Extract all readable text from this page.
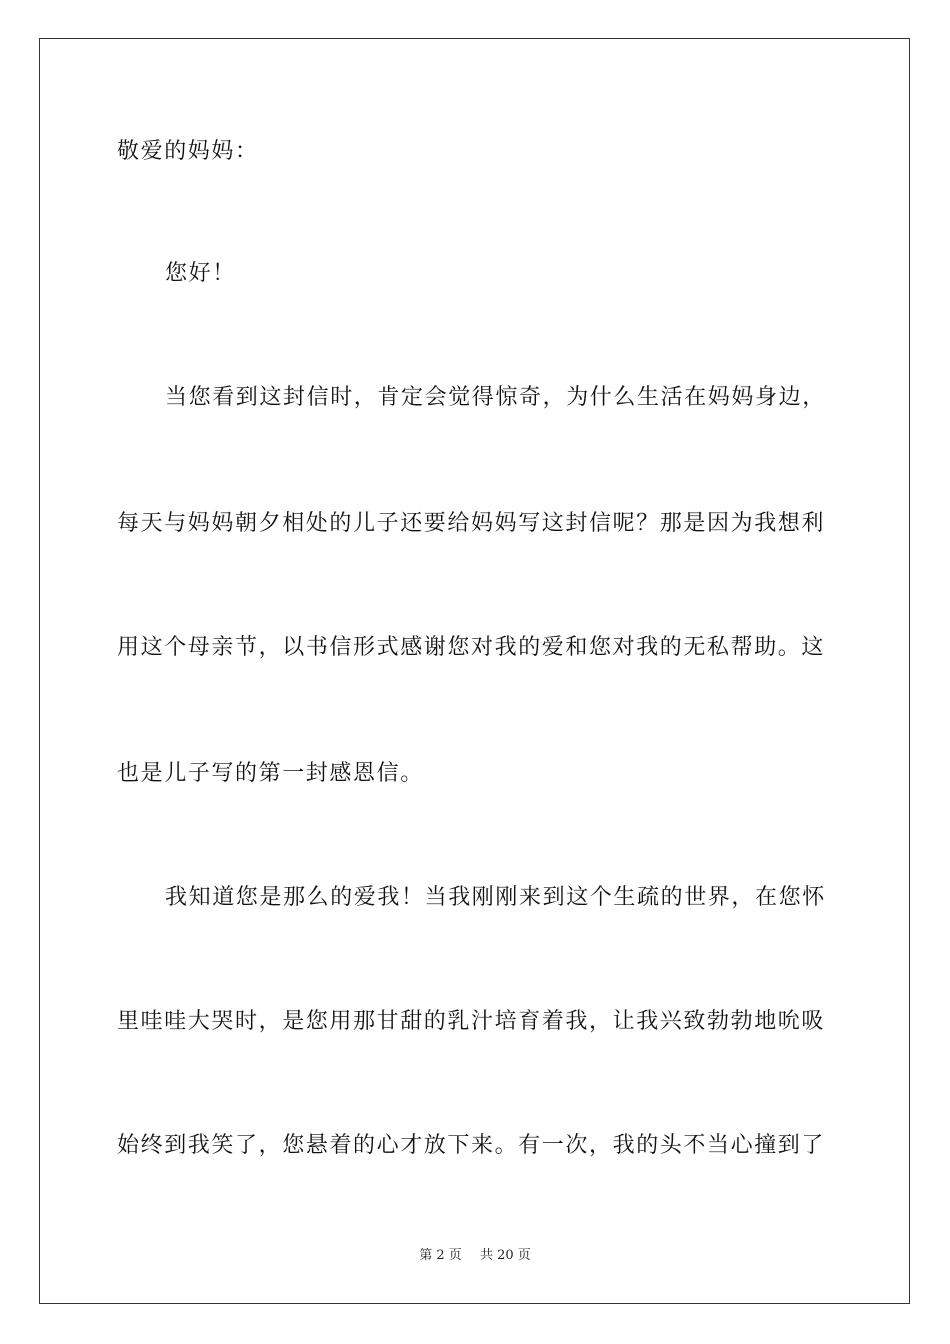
敬爱的妈妈：
您好！
当您看到这封信时，肯定会觉得惊奇，为什么生活在妈妈身边，
每天与妈妈朝夕相处的儿子还要给妈妈写这封信呢？那是因为我想利
用这个母亲节，以书信形式感谢您对我的爱和您对我的无私帮助。这
也是儿子写的第一封感恩信。
我知道您是那么的爱我！当我刚刚来到这个生疏的世界，在您怀
里哇哇大哭时，是您用那甘甜的乳汁培育着我，让我兴致勃勃地吮吸
始终到我笑了，您悬着的心才放下来。有一次，我的头不当心撞到了
第 2 页 共 20 页
